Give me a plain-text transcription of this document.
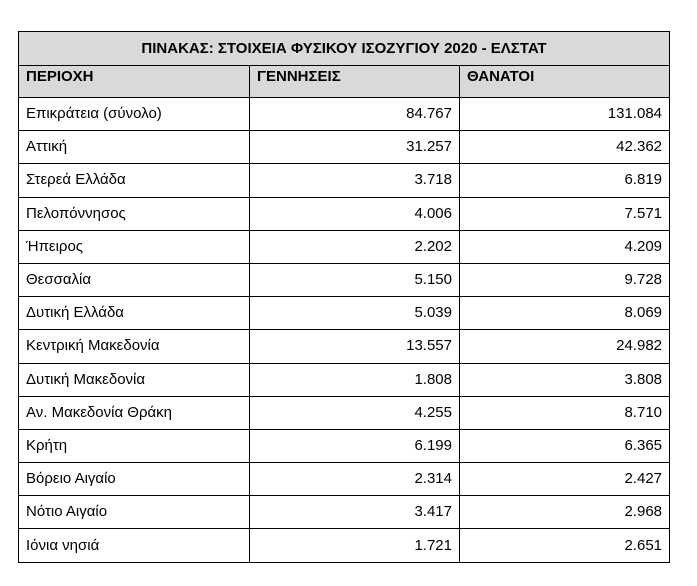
ΠΙΝΑΚΑΣ: ΣΤΟΙΧΕΙΑ ΦΥΣΙΚΟΥ ΙΣΟΖΥΓΙΟΥ 2020 - ΕΛΣΤΑΤ		
ΠΕΡΙΟΧΗ	ΓΕΝΝΗΣΕΙΣ	ΘΑΝΑΤΟΙ
Επικράτεια (σύνολο)	84.767	131.084
Αττική	31.257	42.362
Στερεά Ελλάδα	3.718	6.819
Πελοπόννησος	4.006	7.571
Ήπειρος	2.202	4.209
Θεσσαλία	5.150	9.728
Δυτική Ελλάδα	5.039	8.069
Κεντρική Μακεδονία	13.557	24.982
Δυτική Μακεδονία	1.808	3.808
Αν. Μακεδονία Θράκη	4.255	8.710
Κρήτη	6.199	6.365
Βόρειο Αιγαίο	2.314	2.427
Νότιο Αιγαίο	3.417	2.968
Ιόνια νησιά	1.721	2.651
